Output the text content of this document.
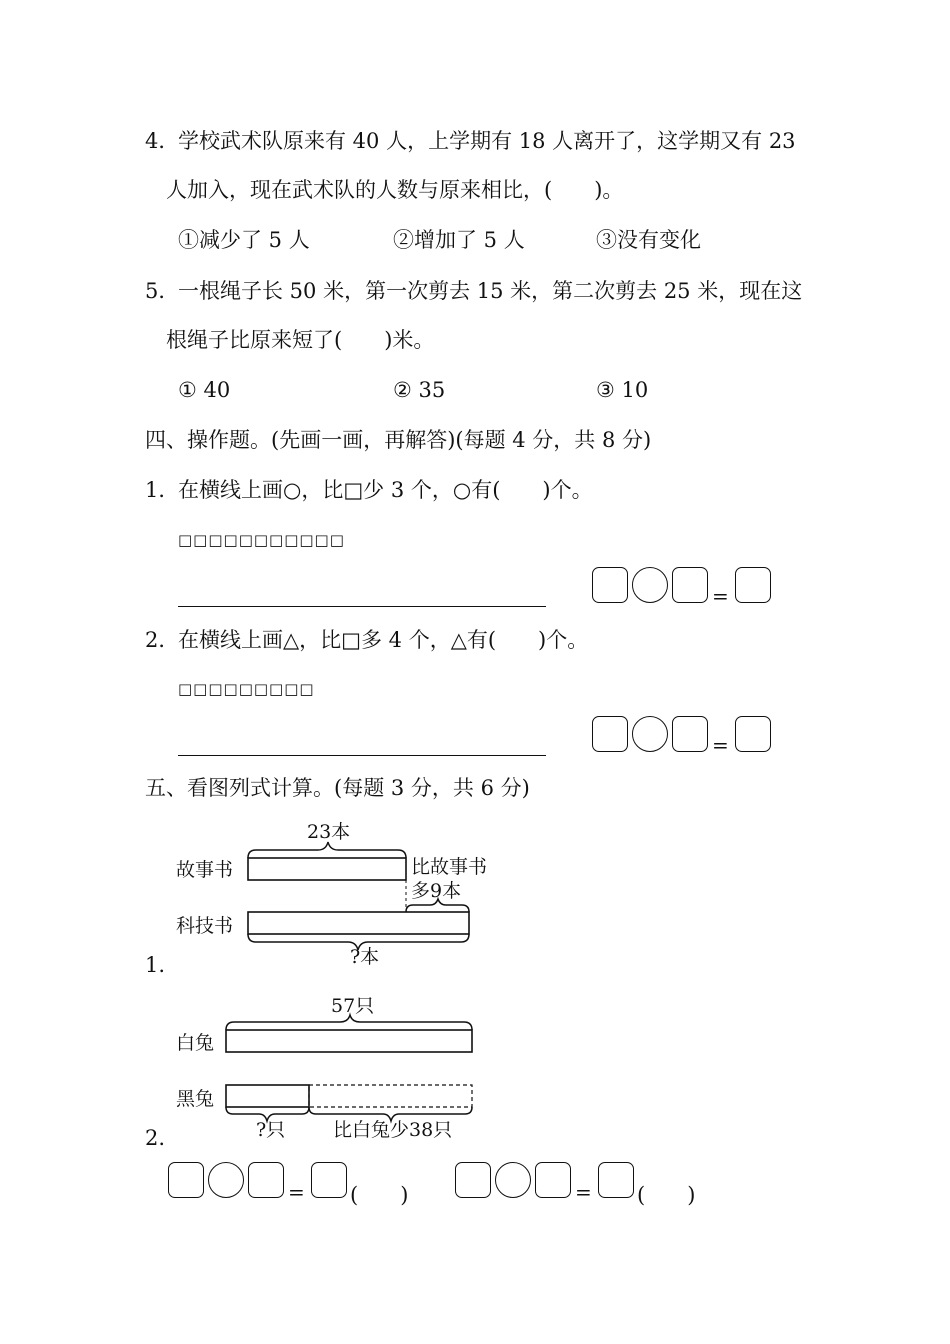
4．
学校武术队原来有 40 人，上学期有 18 人离开了，这学期又有 23
人加入，现在武术队的人数与原来相比，(　　)。
①减少了 5 人	②增加了 5 人	③没有变化
5．
一根绳子长 50 米，第一次剪去 15 米，第二次剪去 25 米，现在这
根绳子比原来短了(　　)米。
① 40	② 35	③ 10
四、操作题。(先画一画，再解答)(每题 4 分，共 8 分)
1．
在横线上画○，比□少 3 个，○有(　　)个。
□□□□□□□□□□□
=
2．
在横线上画△，比□多 4 个，△有(　　)个。
□□□□□□□□□
=
五、看图列式计算。(每题 3 分，共 6 分)
23本
故事书	比故事书
多9本
科技书
?本
57只
白兔
黑兔
?只	比白兔少38只
1.
2.
= (　　)	= (　　)
